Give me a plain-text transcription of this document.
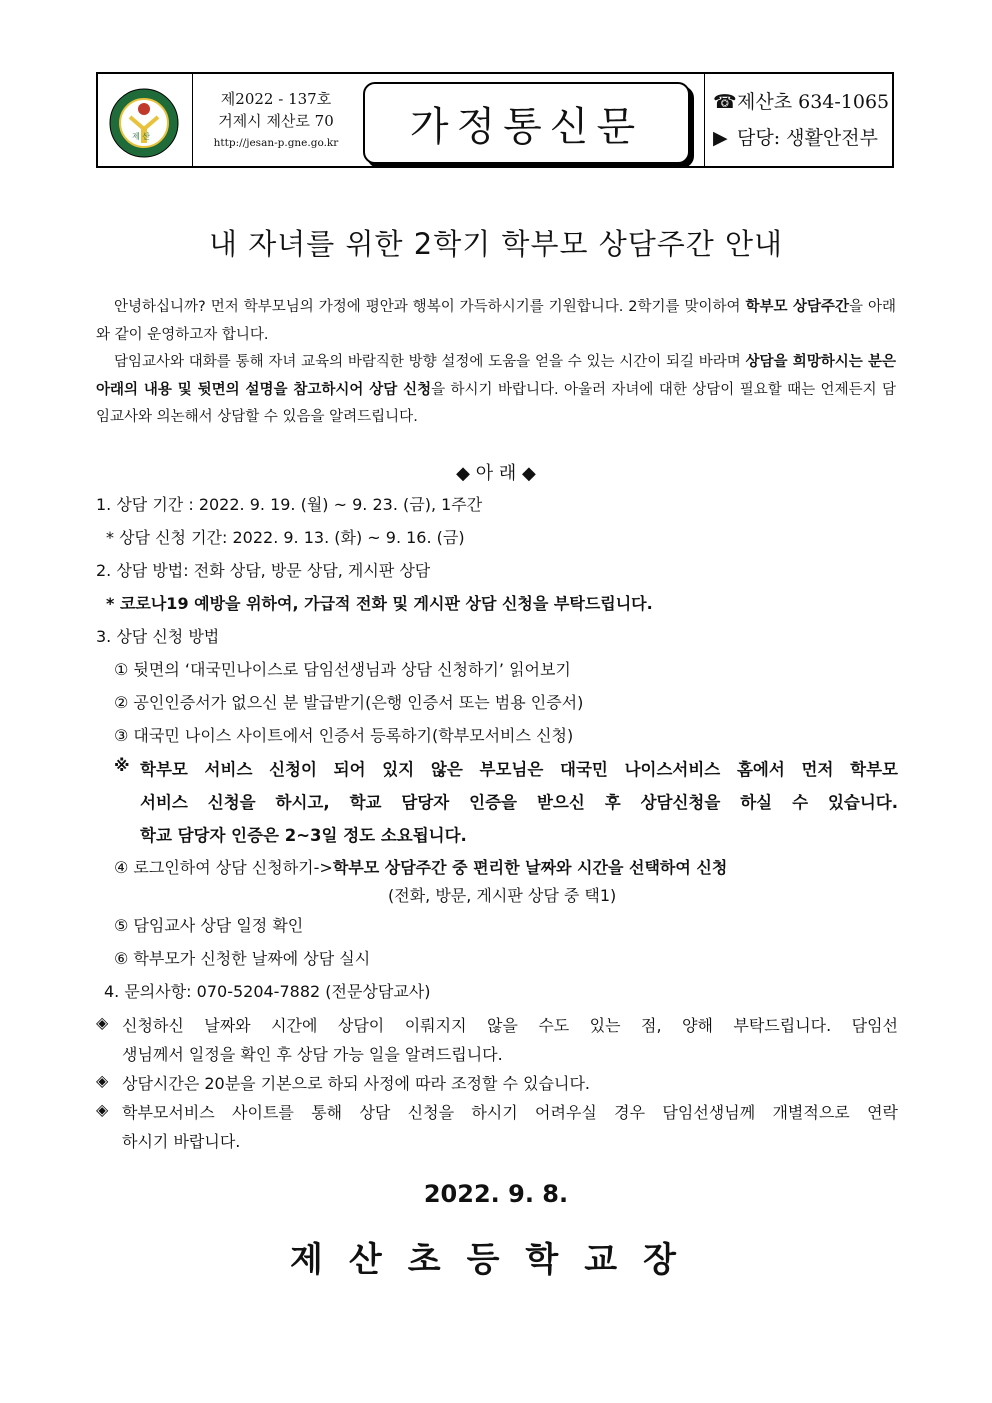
제 산
제2022 - 137호
거제시 제산로 70
http://jesan-p.gne.go.kr	가정통신문
☎제산초 634-1065
▶ 담당: 생활안전부
내 자녀를 위한 2학기 학부모 상담주간 안내
안녕하십니까? 먼저 학부모님의 가정에 평안과 행복이 가득하시기를 기원합니다. 2학기를 맞이하여 학부모 상담주간을 아래와 같이 운영하고자 합니다.
담임교사와 대화를 통해 자녀 교육의 바람직한 방향 설정에 도움을 얻을 수 있는 시간이 되길 바라며 상담을 희망하시는 분은 아래의 내용 및 뒷면의 설명을 참고하시어 상담 신청을 하시기 바랍니다. 아울러 자녀에 대한 상담이 필요할 때는 언제든지 담임교사와 의논해서 상담할 수 있음을 알려드립니다.
◆ 아 래 ◆
1. 상담 기간 : 2022. 9. 19. (월) ~ 9. 23. (금), 1주간
* 상담 신청 기간: 2022. 9. 13. (화) ~ 9. 16. (금)
2. 상담 방법: 전화 상담, 방문 상담, 게시판 상담
* 코로나19 예방을 위하여, 가급적 전화 및 게시판 상담 신청을 부탁드립니다.
3. 상담 신청 방법
① 뒷면의 ‘대국민나이스로 담임선생님과 상담 신청하기’ 읽어보기
② 공인인증서가 없으신 분 발급받기(은행 인증서 또는 범용 인증서)
③ 대국민 나이스 사이트에서 인증서 등록하기(학부모서비스 신청)
※ 학부모 서비스 신청이 되어 있지 않은 부모님은 대국민 나이스서비스 홈에서 먼저 학부모
서비스 신청을 하시고, 학교 담당자 인증을 받으신 후 상담신청을 하실 수 있습니다.
학교 담당자 인증은 2~3일 정도 소요됩니다.
④ 로그인하여 상담 신청하기->학부모 상담주간 중 편리한 날짜와 시간을 선택하여 신청
(전화, 방문, 게시판 상담 중 택1)
⑤ 담임교사 상담 일정 확인
⑥ 학부모가 신청한 날짜에 상담 실시
4. 문의사항: 070-5204-7882 (전문상담교사)
◈ 신청하신 날짜와 시간에 상담이 이뤄지지 않을 수도 있는 점, 양해 부탁드립니다. 담임선
생님께서 일정을 확인 후 상담 가능 일을 알려드립니다.
◈ 상담시간은 20분을 기본으로 하되 사정에 따라 조정할 수 있습니다.
◈ 학부모서비스 사이트를 통해 상담 신청을 하시기 어려우실 경우 담임선생님께 개별적으로 연락
하시기 바랍니다.
2022. 9. 8.
제산초등학교장
